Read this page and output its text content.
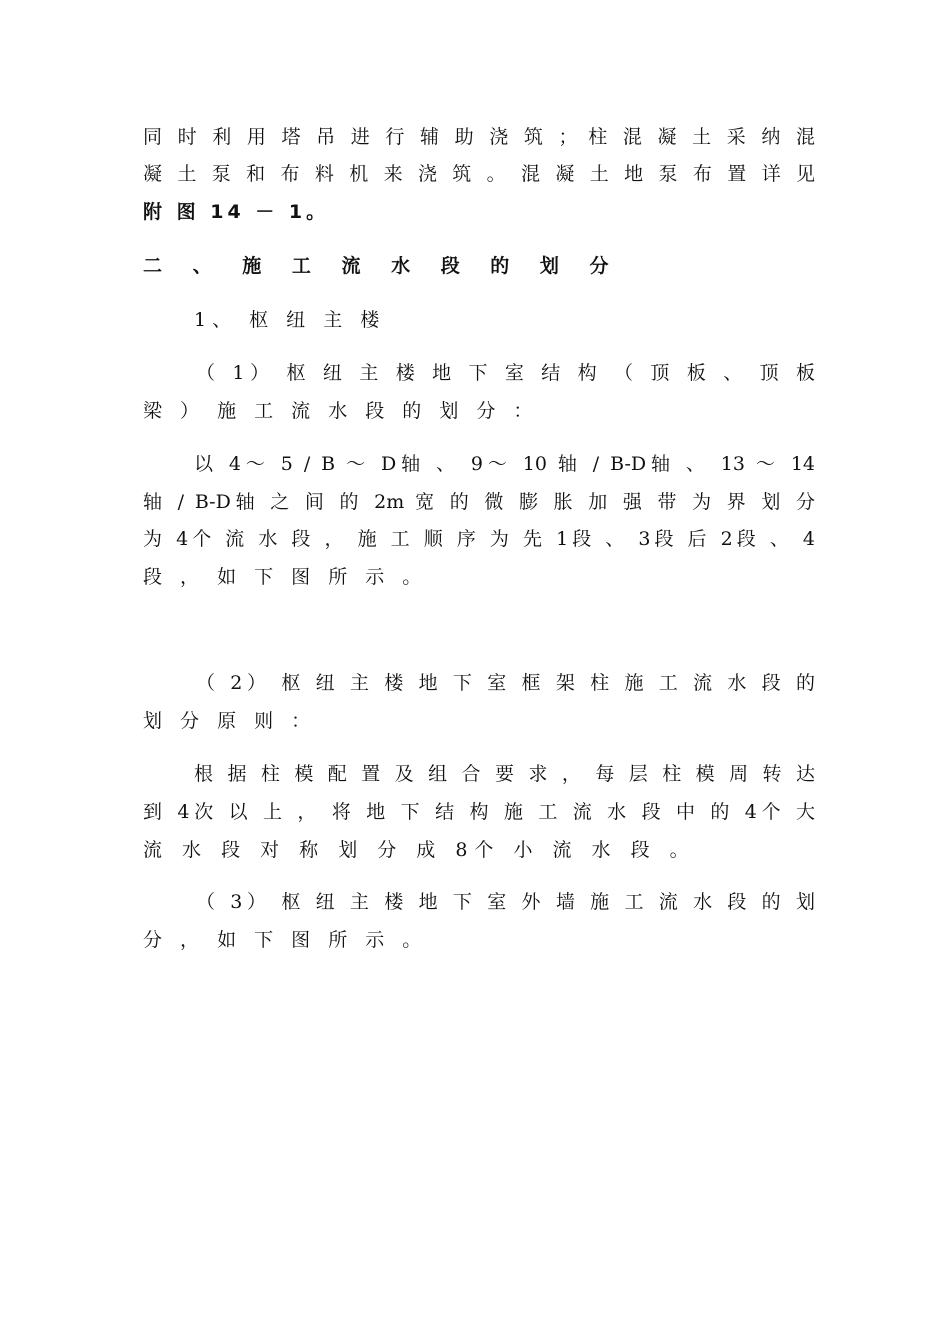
同 时 利 用 塔 吊 进 行 辅 助 浇 筑 ； 柱 混 凝 土 采 纳 混
凝 土 泵 和 布 料 机 来 浇 筑 。 混 凝 土 地 泵 布 置 详 见
附 图 14 － 1。
二 、 施 工 流 水 段 的 划 分
1、 枢 纽 主 楼
（ 1） 枢 纽 主 楼 地 下 室 结 构 （ 顶 板 、 顶 板
梁 ） 施 工 流 水 段 的 划 分 ：
以 4～ 5 / B ～ D轴 、 9～ 10 轴 / B-D轴 、 13 ～ 14
轴 / B-D轴 之 间 的 2m 宽 的 微 膨 胀 加 强 带 为 界 划 分
为 4个 流 水 段 ， 施 工 顺 序 为 先 1段 、 3段 后 2段 、 4
段 ， 如 下 图 所 示 。
（ 2） 枢 纽 主 楼 地 下 室 框 架 柱 施 工 流 水 段 的
划 分 原 则 ：
根 据 柱 模 配 置 及 组 合 要 求 ， 每 层 柱 模 周 转 达
到 4次 以 上 ， 将 地 下 结 构 施 工 流 水 段 中 的 4个 大
流 水 段 对 称 划 分 成 8个 小 流 水 段 。
（ 3） 枢 纽 主 楼 地 下 室 外 墙 施 工 流 水 段 的 划
分 ， 如 下 图 所 示 。
